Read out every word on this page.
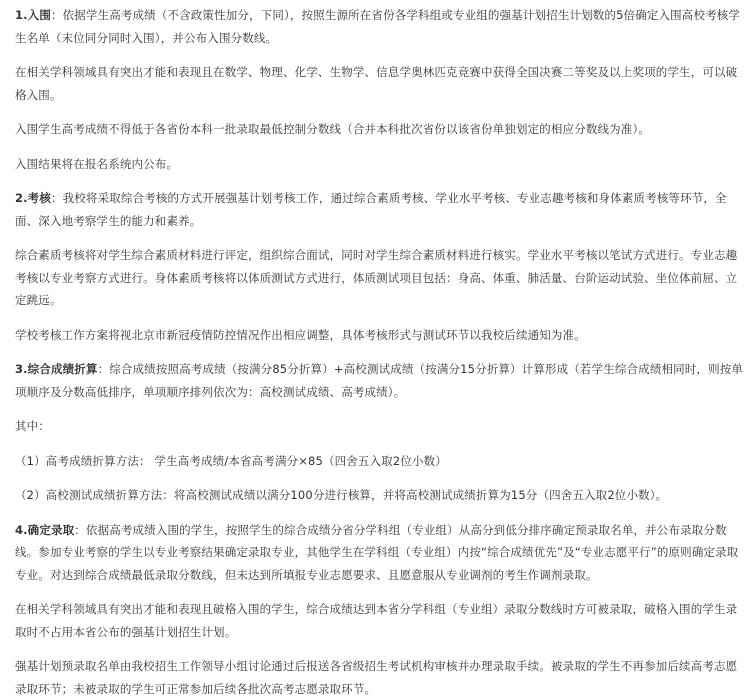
1.入围：依据学生高考成绩（不含政策性加分，下同），按照生源所在省份各学科组或专业组的强基计划招生计划数的5倍确定入围高校考核学生名单（末位同分同时入围），并公布入围分数线。

在相关学科领域具有突出才能和表现且在数学、物理、化学、生物学、信息学奥林匹克竞赛中获得全国决赛二等奖及以上奖项的学生，可以破格入围。

入围学生高考成绩不得低于各省份本科一批录取最低控制分数线（合并本科批次省份以该省份单独划定的相应分数线为准）。

入围结果将在报名系统内公布。

2.考核：我校将采取综合考核的方式开展强基计划考核工作，通过综合素质考核、学业水平考核、专业志趣考核和身体素质考核等环节，全面、深入地考察学生的能力和素养。

综合素质考核将对学生综合素质材料进行评定，组织综合面试，同时对学生综合素质材料进行核实。学业水平考核以笔试方式进行。专业志趣考核以专业考察方式进行。身体素质考核将以体质测试方式进行，体质测试项目包括：身高、体重、肺活量、台阶运动试验、坐位体前屈、立定跳远。

学校考核工作方案将视北京市新冠疫情防控情况作出相应调整，具体考核形式与测试环节以我校后续通知为准。

3.综合成绩折算：综合成绩按照高考成绩（按满分85分折算）+高校测试成绩（按满分15分折算）计算形成（若学生综合成绩相同时，则按单项顺序及分数高低排序，单项顺序排列依次为：高校测试成绩、高考成绩）。

其中：

（1）高考成绩折算方法： 学生高考成绩/本省高考满分×85（四舍五入取2位小数）

（2）高校测试成绩折算方法：将高校测试成绩以满分100分进行核算，并将高校测试成绩折算为15分（四舍五入取2位小数）。

4.确定录取：依据高考成绩入围的学生，按照学生的综合成绩分省分学科组（专业组）从高分到低分排序确定预录取名单，并公布录取分数线。参加专业考察的学生以专业考察结果确定录取专业，其他学生在学科组（专业组）内按“综合成绩优先”及“专业志愿平行”的原则确定录取专业。对达到综合成绩最低录取分数线，但未达到所填报专业志愿要求、且愿意服从专业调剂的考生作调剂录取。

在相关学科领域具有突出才能和表现且破格入围的学生，综合成绩达到本省分学科组（专业组）录取分数线时方可被录取，破格入围的学生录取时不占用本省公布的强基计划招生计划。

强基计划预录取名单由我校招生工作领导小组讨论通过后报送各省级招生考试机构审核并办理录取手续。被录取的学生不再参加后续高考志愿录取环节；未被录取的学生可正常参加后续各批次高考志愿录取环节。
